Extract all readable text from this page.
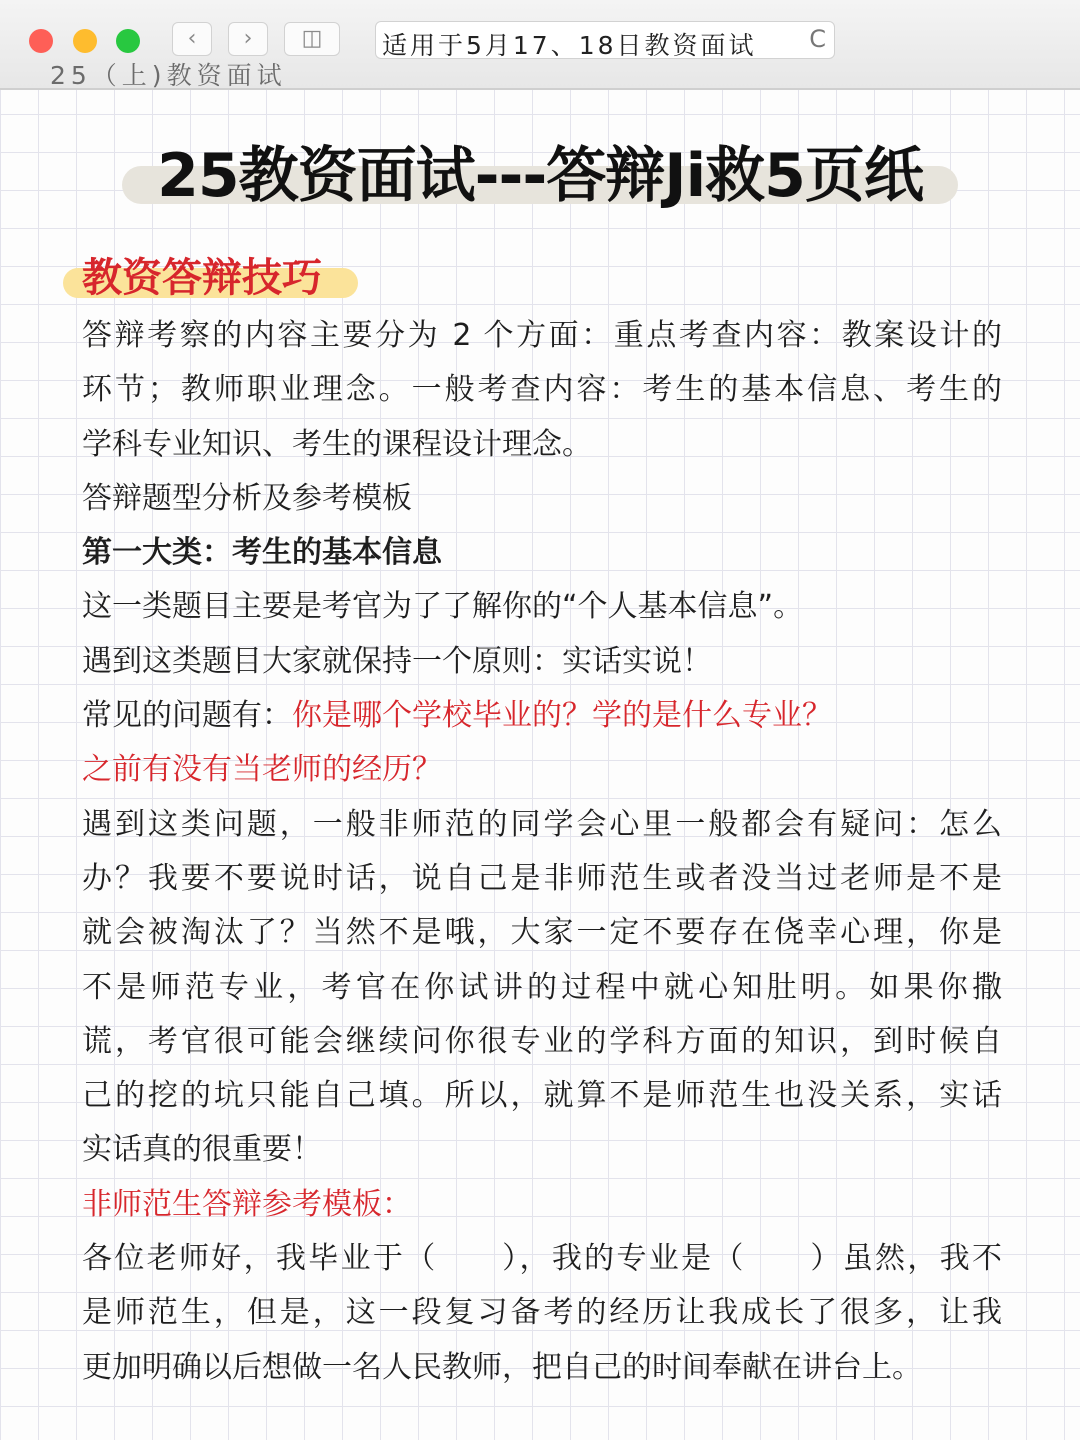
‹	›	◫	适用于5月17、18日教资面试 C
25（上)教资面试
25教资面试---答辩Ji救5页纸
教资答辩技巧
答辩考察的内容主要分为 2 个方面：重点考查内容：教案设计的
环节；教师职业理念。一般考查内容：考生的基本信息、考生的
学科专业知识、考生的课程设计理念。
答辩题型分析及参考模板
第一大类：考生的基本信息
这一类题目主要是考官为了了解你的“个人基本信息”。
遇到这类题目大家就保持一个原则：实话实说！
常见的问题有：你是哪个学校毕业的？学的是什么专业？
之前有没有当老师的经历？
遇到这类问题，一般非师范的同学会心里一般都会有疑问：怎么
办？我要不要说时话，说自己是非师范生或者没当过老师是不是
就会被淘汰了？当然不是哦，大家一定不要存在侥幸心理，你是
不是师范专业，考官在你试讲的过程中就心知肚明。如果你撒
谎，考官很可能会继续问你很专业的学科方面的知识，到时候自
己的挖的坑只能自己填。所以，就算不是师范生也没关系，实话
实话真的很重要！
非师范生答辩参考模板：
各位老师好，我毕业于（　　），我的专业是（　　）虽然，我不
是师范生，但是，这一段复习备考的经历让我成长了很多，让我
更加明确以后想做一名人民教师，把自己的时间奉献在讲台上。
